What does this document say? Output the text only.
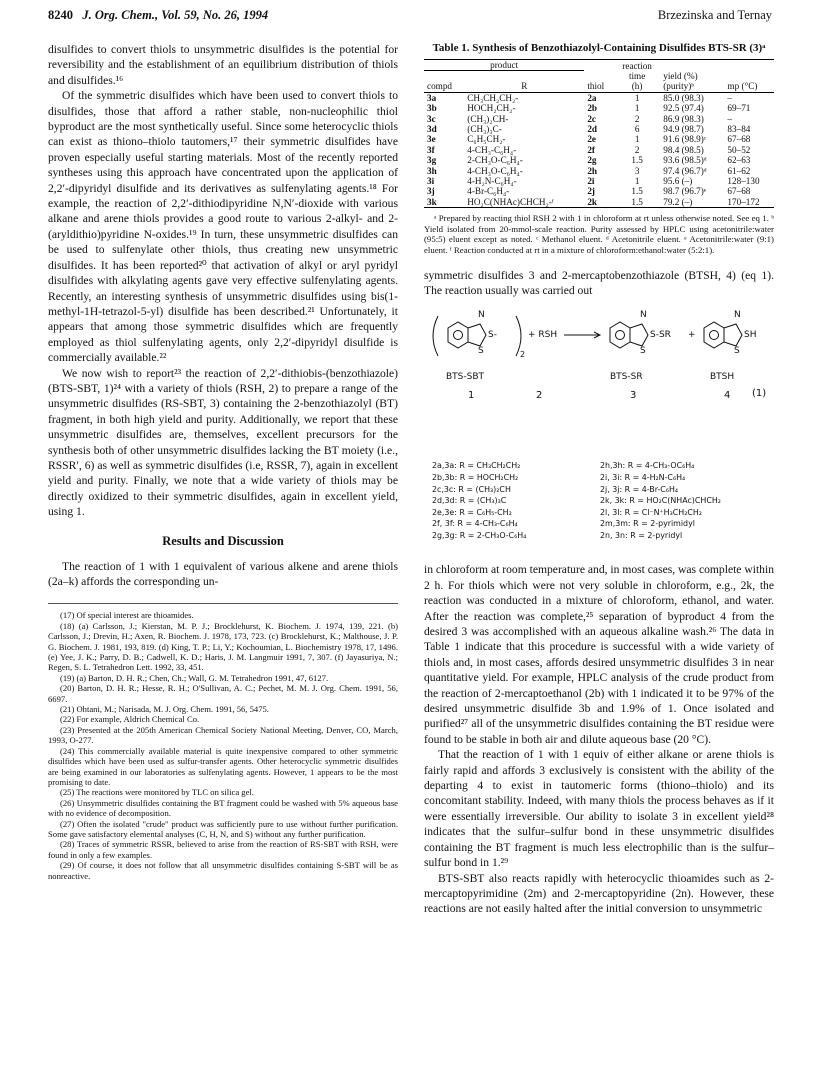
8240 J. Org. Chem., Vol. 59, No. 26, 1994	Brzezinska and Ternay

disulfides to convert thiols to unsymmetric disulfides is the potential for reversibility and the establishment of an equilibrium distribution of thiols and disulfides.¹⁶

Of the symmetric disulfides which have been used to convert thiols to disulfides, those that afford a rather stable, non-nucleophilic thiol byproduct are the most synthetically useful. Since some heterocyclic thiols can exist as thiono–thiolo tautomers,¹⁷ their symmetric disulfides have proven especially useful starting materials. Most of the recently reported syntheses using this approach have concentrated upon the application of 2,2′-dipyridyl disulfide and its derivatives as sulfenylating agents.¹⁸ For example, the reaction of 2,2′-dithiodipyridine N,N′-dioxide with various alkane and arene thiols provides a good route to various 2-alkyl- and 2-(aryldithio)pyridine N-oxides.¹⁹ In turn, these unsymmetric disulfides can be used to sulfenylate other thiols, thus creating new unsymmetric disulfides. It has been reported²⁰ that activation of alkyl or aryl pyridyl disulfides with alkylating agents gave very effective sulfenylating agents. Recently, an interesting synthesis of unsymmetric disulfides using bis(1-methyl-1H-tetrazol-5-yl) disulfide has been described.²¹ Unfortunately, it appears that among those symmetric disulfides which are frequently employed as thiol sulfenylating agents, only 2,2′-dipyridyl disulfide is commercially available.²²

We now wish to report²³ the reaction of 2,2′-dithiobis-(benzothiazole) (BTS-SBT, 1)²⁴ with a variety of thiols (RSH, 2) to prepare a range of the unsymmetric disulfides (RS-SBT, 3) containing the 2-benzothiazolyl (BT) fragment, in both high yield and purity. Additionally, we report that these unsymmetric disulfides are, themselves, excellent precursors for the synthesis both of other unsymmetric disulfides lacking the BT moiety (i.e., RSSR′, 6) as well as symmetric disulfides (i.e, RSSR, 7), again in excellent yield and purity. Finally, we note that a wide variety of thiols may be directly oxidized to their symmetric disulfides, again in excellent yield, using 1.

Results and Discussion

The reaction of 1 with 1 equivalent of various alkene and arene thiols (2a–k) affords the corresponding un-

(17) Of special interest are thioamides.

(18) (a) Carlsson, J.; Kierstan, M. P. J.; Brocklehurst, K. Biochem. J. 1974, 139, 221. (b) Carlsson, J.; Drevin, H.; Axen, R. Biochem. J. 1978, 173, 723. (c) Brocklehurst, K.; Malthouse, J. P. G. Biochem. J. 1981, 193, 819. (d) King, T. P.; Li, Y.; Kochoumian, L. Biochemistry 1978, 17, 1496. (e) Yee, J. K.; Parry, D. B.; Cadwell, K. D.; Haris, J. M. Langmuir 1991, 7, 307. (f) Jayasuriya, N.; Regen, S. L. Tetrahedron Lett. 1992, 33, 451.

(19) (a) Barton, D. H. R.; Chen, Ch.; Wall, G. M. Tetrahedron 1991, 47, 6127.

(20) Barton, D. H. R.; Hesse, R. H.; O'Sullivan, A. C.; Pechet, M. M. J. Org. Chem. 1991, 56, 6697.

(21) Ohtani, M.; Narisada, M. J. Org. Chem. 1991, 56, 5475.

(22) For example, Aldrich Chemical Co.

(23) Presented at the 205th American Chemical Society National Meeting, Denver, CO, March, 1993, O-277.

(24) This commercially available material is quite inexpensive compared to other symmetric disulfides which have been used as sulfur-transfer agents. Other heterocyclic symmetric disulfides are being examined in our laboratories as sulfenylating agents. However, 1 appears to be the most promising to date.

(25) The reactions were monitored by TLC on silica gel.

(26) Unsymmetric disulfides containing the BT fragment could be washed with 5% aqueous base with no evidence of decomposition.

(27) Often the isolated "crude" product was sufficiently pure to use without further purification. Some gave satisfactory elemental analyses (C, H, N, and S) without any further purification.

(28) Traces of symmetric RSSR, believed to arise from the reaction of RS-SBT with RSH, were found in only a few examples.

(29) Of course, it does not follow that all unsymmetric disulfides containing S-SBT will be as nonreactive.

Table 1. Synthesis of Benzothiazolyl-Containing Disulfides BTS-SR (3)ᵃ
product			reaction		
			time	yield (%)	
compd	R	thiol	(h)	(purity)ᵇ	mp (°C)
3a	CH₃CH₂CH₂-	2a	1	85.0 (98.3)	–
3b	HOCH₂CH₂-	2b	1	92.5 (97.4)	69–71
3c	(CH₃)₂CH-	2c	2	86.9 (98.3)	–
3d	(CH₃)₃C-	2d	6	94.9 (98.7)	83–84
3e	C₆H₅CH₂-	2e	1	91.6 (98.9)ᶜ	67–68
3f	4-CH₃-C₆H₄-	2f	2	98.4 (98.5)	50–52
3g	2-CH₃O-C₆H₄-	2g	1.5	93.6 (98.5)ᵈ	62–63
3h	4-CH₃O-C₆H₄-	2h	3	97.4 (96.7)ᵈ	61–62
3i	4-H₂N-C₆H₄-	2i	1	95.6 (–)	128–130
3j	4-Br-C₆H₄-	2j	1.5	98.7 (96.7)ᵉ	67–68
3k	HO₂C(NHAc)CHCH₂-ᶠ	2k	1.5	79.2 (–)	170–172

ᵃ Prepared by reacting thiol RSH 2 with 1 in chloroform at rt unless otherwise noted. See eq 1. ᵇ Yield isolated from 20-mmol-scale reaction. Purity assessed by HPLC using acetonitrile:water (95:5) eluent except as noted. ᶜ Methanol eluent. ᵈ Acetonitrile eluent. ᵉ Acetonitrile:water (9:1) eluent. ᶠ Reaction conducted at rt in a mixture of chloroform:ethanol:water (5:2:1).

symmetric disulfides 3 and 2-mercaptobenzothiazole (BTSH, 4) (eq 1). The reaction usually was carried out

N
S
S-
2
+ RSH
N
S
S-SR +
N
S
SH
BTS-SBT	BTS-SR	BTSH
1	2	3	4 (1)
2a,3a: R = CH₃CH₂CH₂
2b,3b: R = HOCH₂CH₂
2c,3c: R = (CH₃)₂CH
2d,3d: R = (CH₃)₃C
2e,3e: R = C₆H₅-CH₂
2f, 3f: R = 4-CH₃-C₆H₄
2g,3g: R = 2-CH₃O-C₆H₄
2h,3h: R = 4-CH₃-OC₆H₄
2i, 3i: R = 4-H₂N-C₆H₄
2j, 3j: R = 4-Br-C₆H₄
2k, 3k: R = HO₂C(NHAc)CHCH₂
2l, 3l: R = Cl⁻N⁺H₃CH₂CH₂
2m,3m: R = 2-pyrimidyl
2n, 3n: R = 2-pyridyl

in chloroform at room temperature and, in most cases, was complete within 2 h. For thiols which were not very soluble in chloroform, e.g., 2k, the reaction was conducted in a mixture of chloroform, ethanol, and water. After the reaction was complete,²⁵ separation of byproduct 4 from the desired 3 was accomplished with an aqueous alkaline wash.²⁶ The data in Table 1 indicate that this procedure is successful with a wide variety of thiols and, in most cases, affords desired unsymmetric disulfides 3 in near quantitative yield. For example, HPLC analysis of the crude product from the reaction of 2-mercaptoethanol (2b) with 1 indicated it to be 97% of the desired unsymmetric disulfide 3b and 1.9% of 1. Once isolated and purified²⁷ all of the unsymmetric disulfides containing the BT residue were found to be stable in both air and dilute aqueous base (20 °C).

That the reaction of 1 with 1 equiv of either alkane or arene thiols is fairly rapid and affords 3 exclusively is consistent with the ability of the departing 4 to exist in tautomeric forms (thiono–thiolo) and its concomitant stability. Indeed, with many thiols the process behaves as if it were essentially irreversible. Our ability to isolate 3 in excellent yield²⁸ indicates that the sulfur–sulfur bond in these unsymmetric disulfides containing the BT fragment is much less electrophilic than is the sulfur–sulfur bond in 1.²⁹

BTS-SBT also reacts rapidly with heterocyclic thioamides such as 2-mercaptopyrimidine (2m) and 2-mercaptopyridine (2n). However, these reactions are not easily halted after the initial conversion to unsymmetric
